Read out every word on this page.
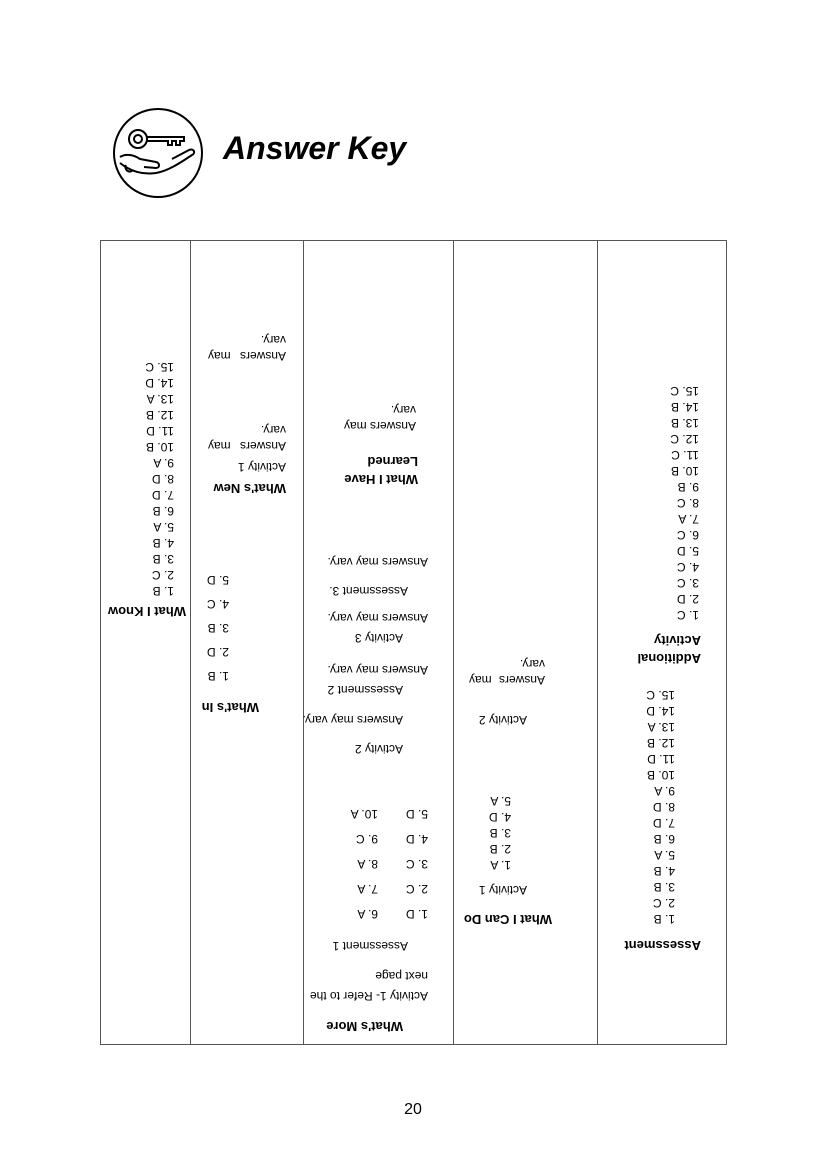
Answer Key
What I Know
1. B
2. C
3. B
4. B
5. A
6. B
7. D
8. D
9. A
10. B
11. D
12. B
13. A
14. D
15. C
What's In
1. B
2. D
3. B
4. C
5. D
What's New
Activity 1
Answers may vary.
Answers may vary.
What's More
Activity 1- Refer to the next page
Assessment 1
1. D
2. C
3. C
4. D
5. D
6. A
7. A
8. A
9. C
10. A
Activity 2
Answers may vary.
Assessment 2
Answers may vary.
Activity 3
Answers may vary.
Assessment 3.
Answers may vary.
What I Have Learned
Answers may vary.
What I Can Do
Activity 1
1. A
2. B
3. B
4. D
5. A
Activity 2
Answers may vary.
Assessment
1. B
2. C
3. B
4. B
5. A
6. B
7. D
8. D
9. A
10. B
11. D
12. B
13. A
14. D
15. C
Additional Activity
1. C
2. D
3. C
4. C
5. D
6. C
7. A
8. C
9. B
10. B
11. C
12. C
13. B
14. B
15. C
20
